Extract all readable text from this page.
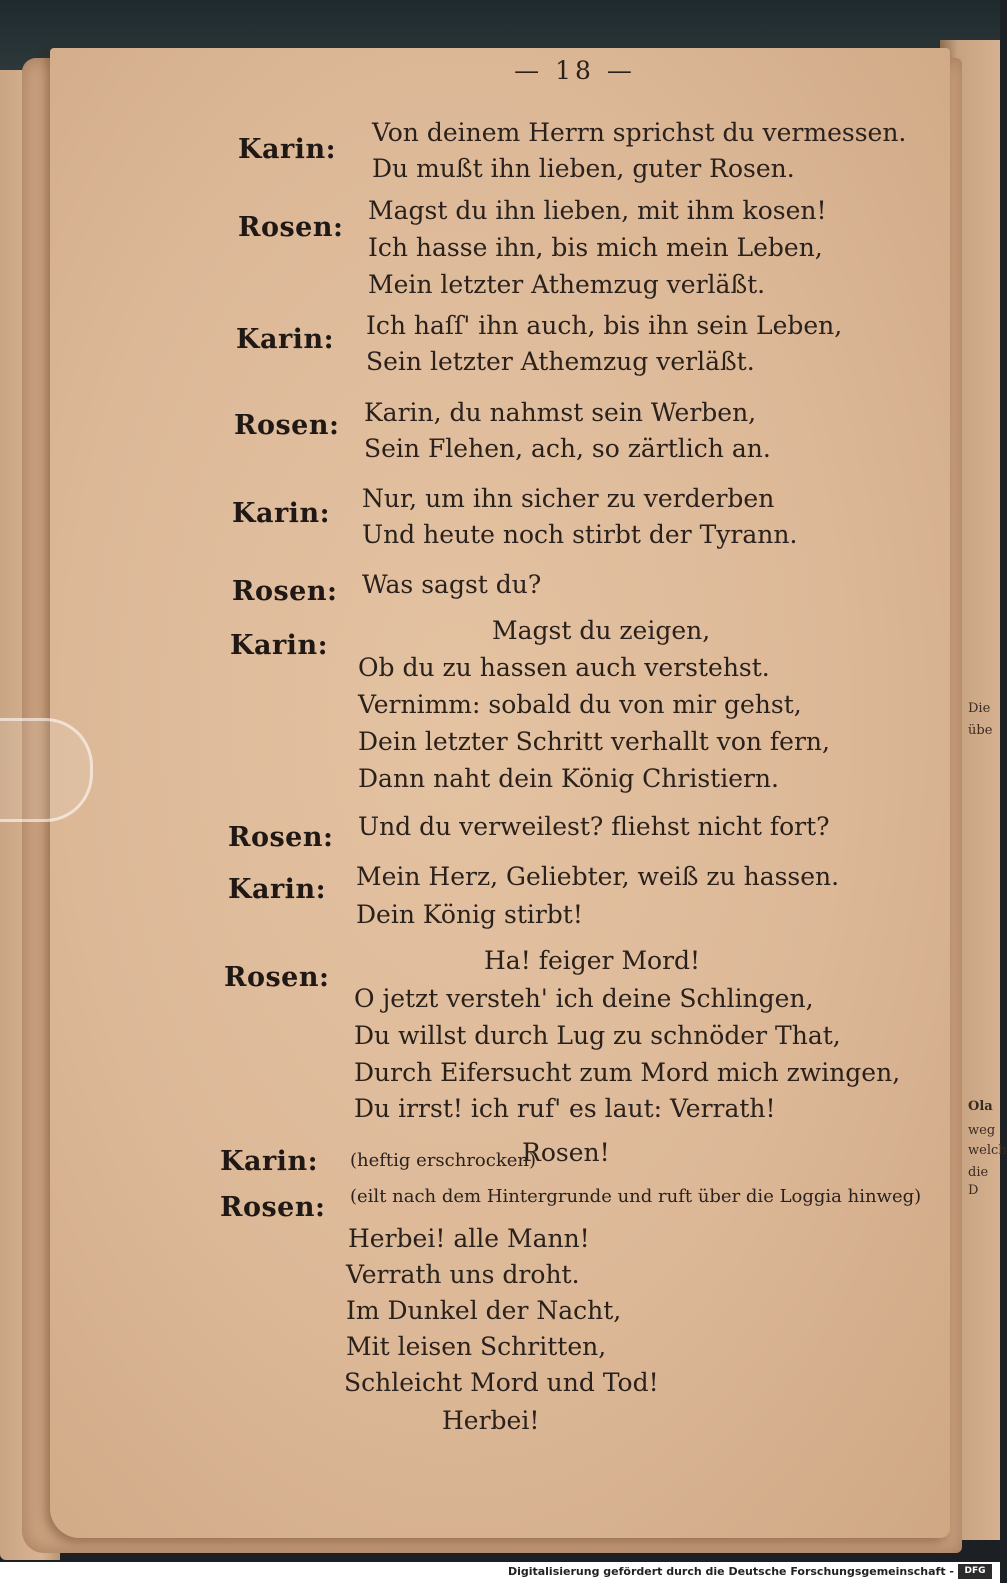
Die
übe
Ola
weg
welch
die D
— 18 —
Karin:
Von deinem Herrn sprichst du vermessen.
Du mußt ihn lieben, guter Rosen.
Rosen:
Magst du ihn lieben, mit ihm kosen!
Ich hasse ihn, bis mich mein Leben,
Mein letzter Athemzug verläßt.
Karin: Ich haſſ' ihn auch, bis ihn sein Leben,
Sein letzter Athemzug verläßt.
Rosen: Karin, du nahmst sein Werben,
Sein Flehen, ach, so zärtlich an.
Karin: Nur, um ihn sicher zu verderben
Und heute noch stirbt der Tyrann.
Rosen: Was sagst du?
Karin:	Magst du zeigen,
Ob du zu hassen auch verstehst.
Vernimm: sobald du von mir gehst,
Dein letzter Schritt verhallt von fern,
Dann naht dein König Christiern.
Rosen: Und du verweilest? fliehst nicht fort?
Karin: Mein Herz, Geliebter, weiß zu hassen.
Dein König stirbt!
Rosen:
Ha! feiger Mord!
O jetzt versteh' ich deine Schlingen,
Du willst durch Lug zu schnöder That,
Durch Eifersucht zum Mord mich zwingen,
Du irrst! ich ruf' es laut: Verrath!
Karin: (heftig erschrocken)
Rosen!
Rosen: (eilt nach dem Hintergrunde und ruft über die Loggia hinweg)
Herbei! alle Mann!
Verrath uns droht.
Im Dunkel der Nacht,
Mit leisen Schritten,
Schleicht Mord und Tod!
Herbei!
Digitalisierung gefördert durch die Deutsche Forschungsgemeinschaft -	DFG
